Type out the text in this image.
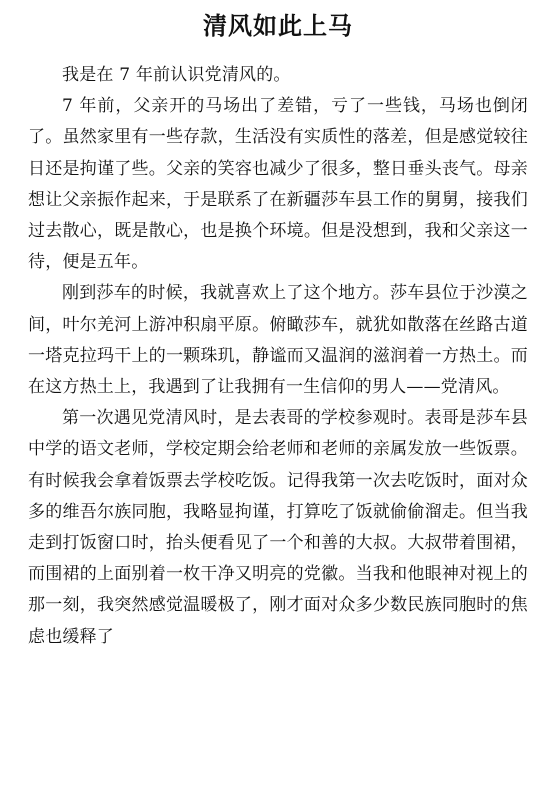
清风如此上马

我是在 7 年前认识党清风的。

7 年前，父亲开的马场出了差错，亏了一些钱，马场也倒闭了。虽然家里有一些存款，生活没有实质性的落差，但是感觉较往日还是拘谨了些。父亲的笑容也减少了很多，整日垂头丧气。母亲想让父亲振作起来，于是联系了在新疆莎车县工作的舅舅，接我们过去散心，既是散心，也是换个环境。但是没想到，我和父亲这一待，便是五年。

刚到莎车的时候，我就喜欢上了这个地方。莎车县位于沙漠之间，叶尔羌河上游冲积扇平原。俯瞰莎车，就犹如散落在丝路古道一塔克拉玛干上的一颗珠玑，静谧而又温润的滋润着一方热土。而在这方热土上，我遇到了让我拥有一生信仰的男人——党清风。

第一次遇见党清风时，是去表哥的学校参观时。表哥是莎车县中学的语文老师，学校定期会给老师和老师的亲属发放一些饭票。有时候我会拿着饭票去学校吃饭。记得我第一次去吃饭时，面对众多的维吾尔族同胞，我略显拘谨，打算吃了饭就偷偷溜走。但当我走到打饭窗口时，抬头便看见了一个和善的大叔。大叔带着围裙，而围裙的上面别着一枚干净又明亮的党徽。当我和他眼神对视上的那一刻，我突然感觉温暖极了，刚才面对众多少数民族同胞时的焦虑也缓释了
